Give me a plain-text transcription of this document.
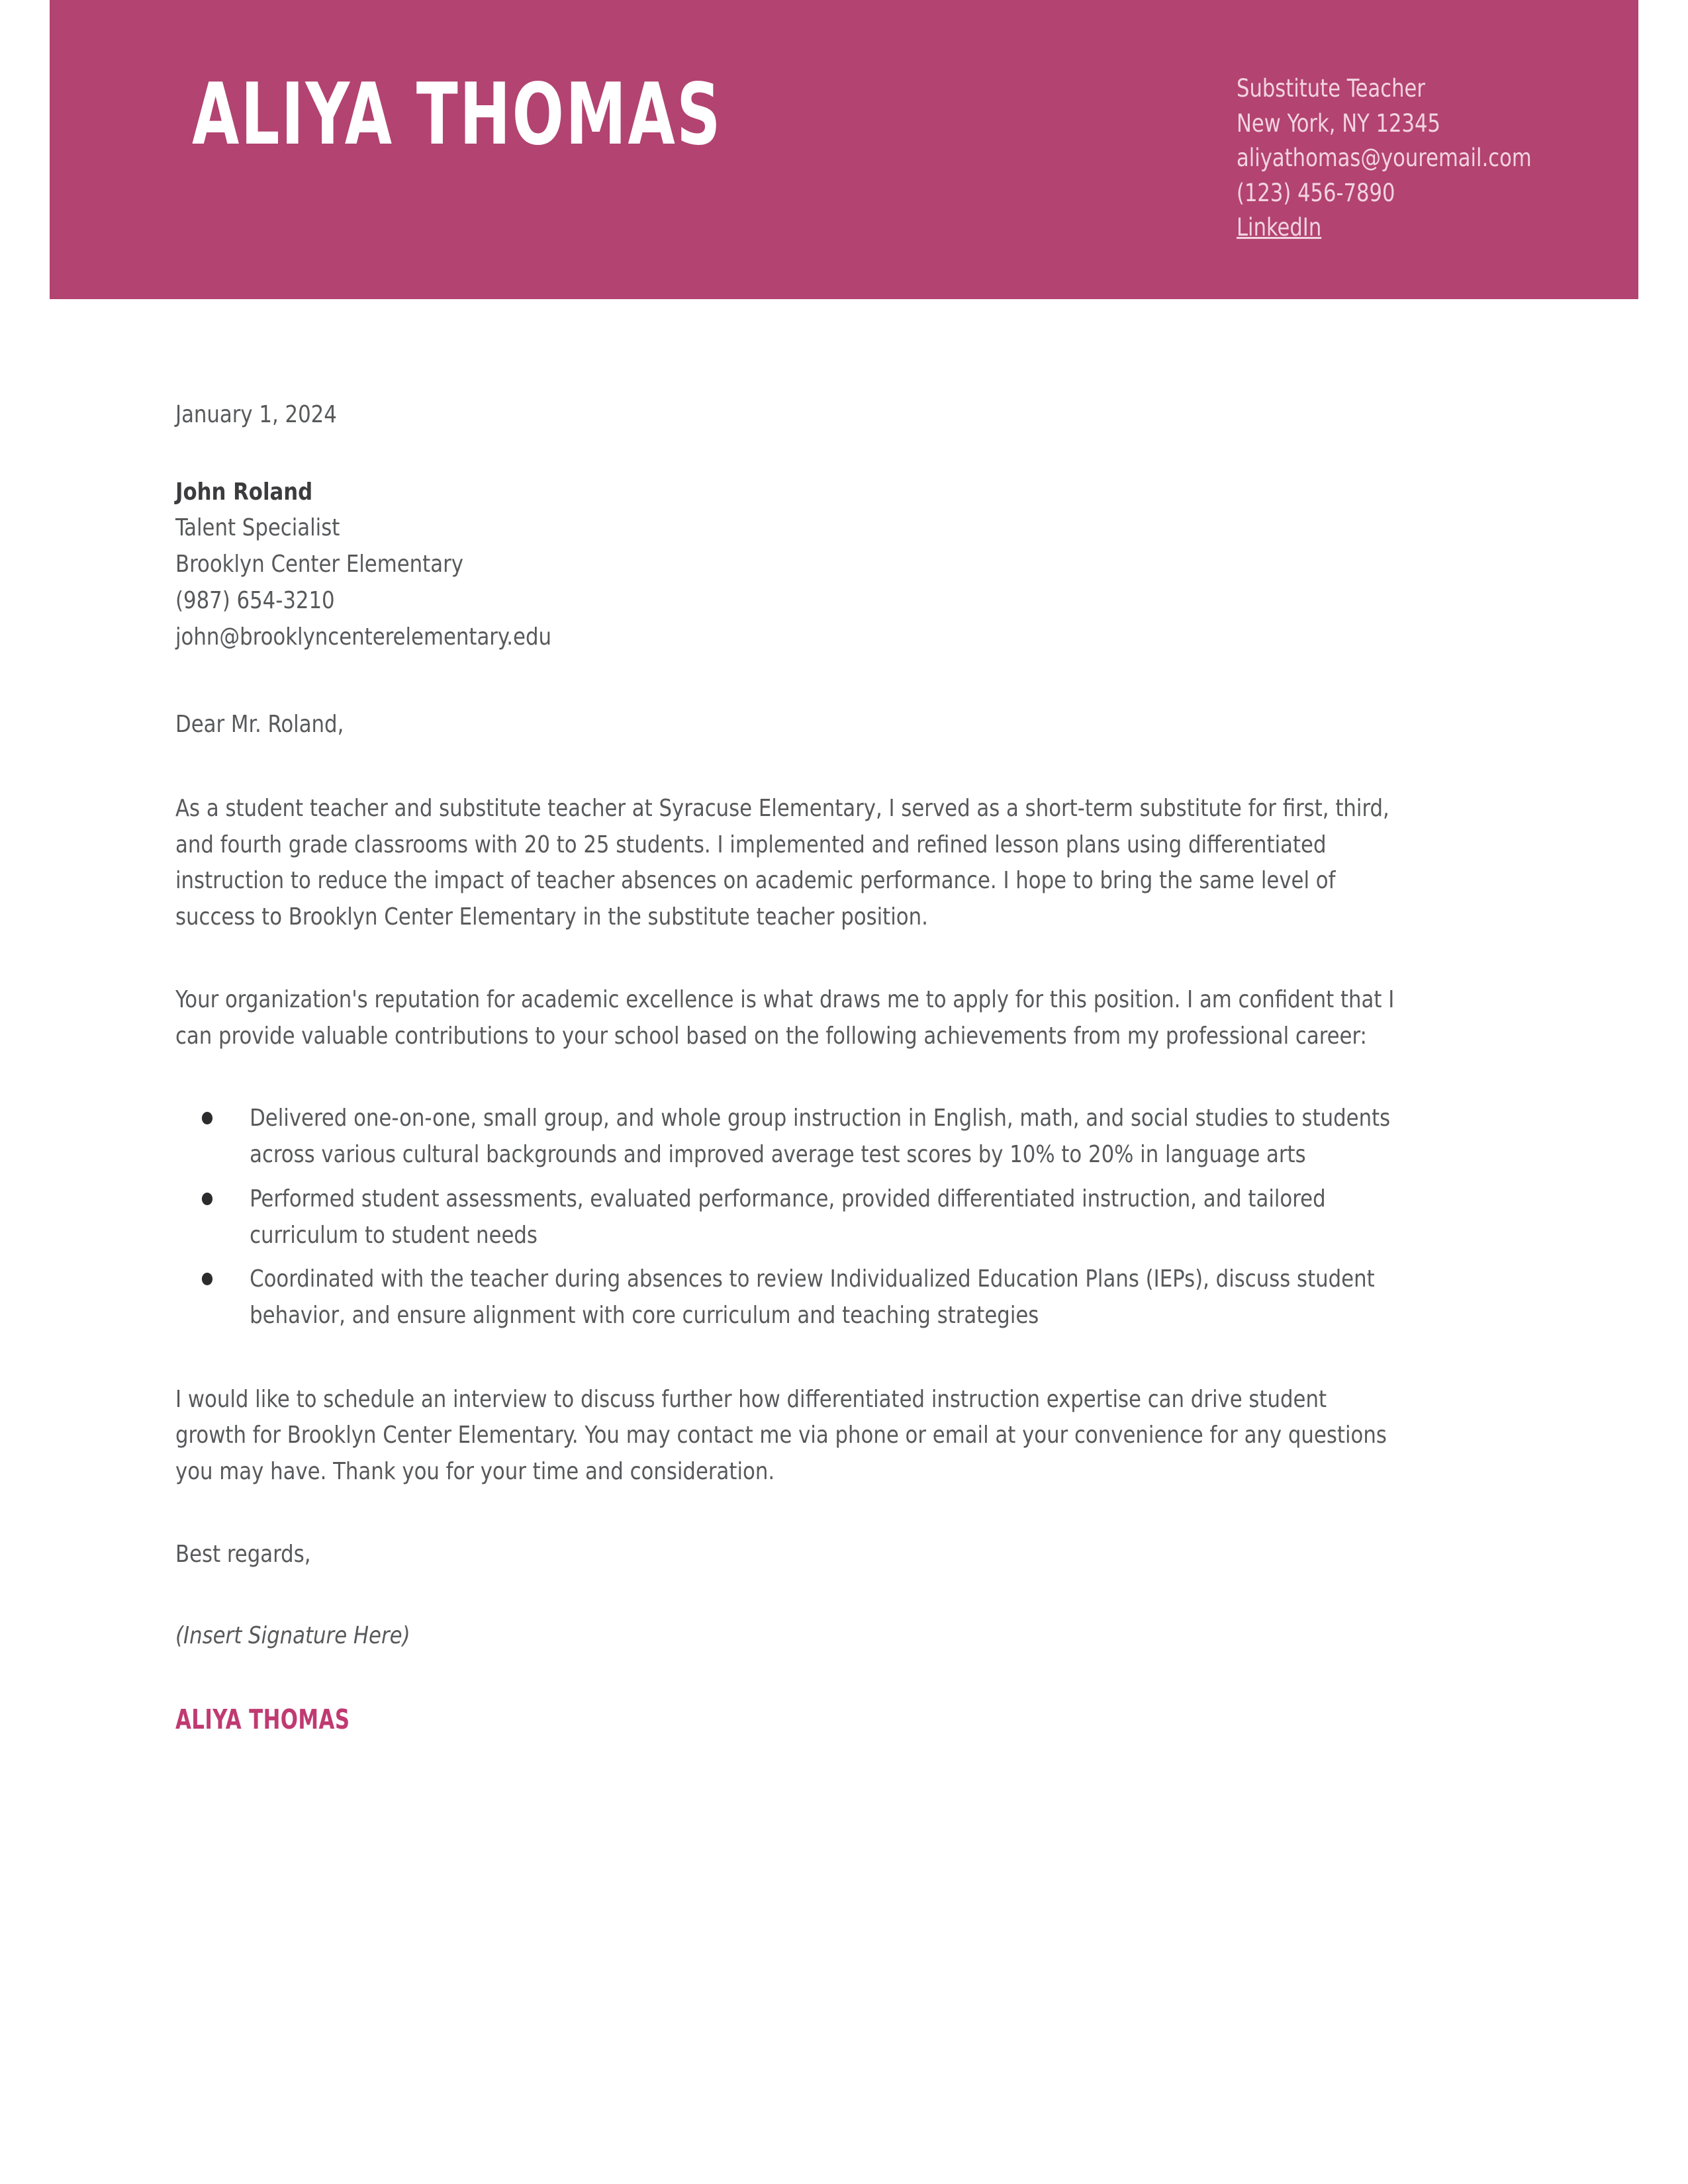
ALIYA THOMAS	Substitute Teacher
New York, NY 12345
aliyathomas@youremail.com
(123) 456-7890
LinkedIn
January 1, 2024
John Roland
Talent Specialist
Brooklyn Center Elementary
(987) 654-3210
john@brooklyncenterelementary.edu
Dear Mr. Roland,

As a student teacher and substitute teacher at Syracuse Elementary, I served as a short-term substitute for first, third, and fourth grade classrooms with 20 to 25 students. I implemented and refined lesson plans using differentiated instruction to reduce the impact of teacher absences on academic performance. I hope to bring the same level of success to Brooklyn Center Elementary in the substitute teacher position.

Your organization's reputation for academic excellence is what draws me to apply for this position. I am confident that I can provide valuable contributions to your school based on the following achievements from my professional career:

Delivered one-on-one, small group, and whole group instruction in English, math, and social studies to students across various cultural backgrounds and improved average test scores by 10% to 20% in language arts
Performed student assessments, evaluated performance, provided differentiated instruction, and tailored curriculum to student needs
Coordinated with the teacher during absences to review Individualized Education Plans (IEPs), discuss student behavior, and ensure alignment with core curriculum and teaching strategies

I would like to schedule an interview to discuss further how differentiated instruction expertise can drive student growth for Brooklyn Center Elementary. You may contact me via phone or email at your convenience for any questions you may have. Thank you for your time and consideration.

Best regards,
(Insert Signature Here)
ALIYA THOMAS
